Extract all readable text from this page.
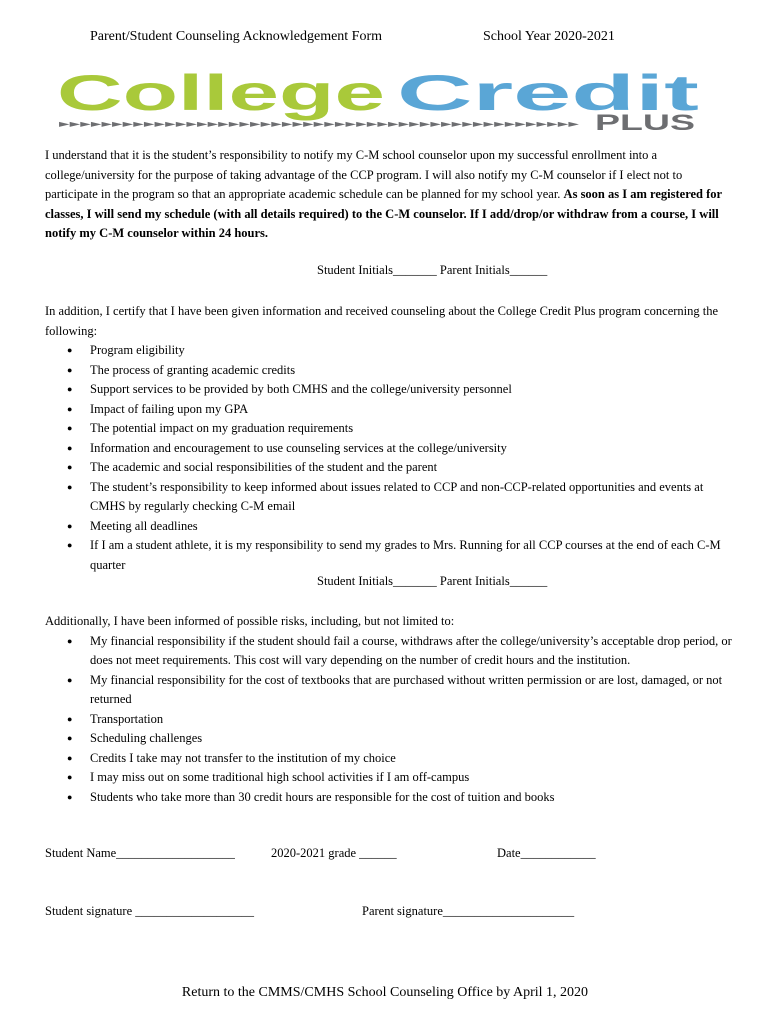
Parent/Student Counseling Acknowledgement Form	School Year 2020-2021
College Credit
▸▸▸▸▸▸▸▸▸▸▸▸▸▸▸▸▸▸▸▸▸▸▸▸▸▸▸▸▸▸▸▸▸▸▸▸▸▸▸▸▸▸▸▸▸▸▸▸▸ PLUS
I understand that it is the student’s responsibility to notify my C-M school counselor upon my successful enrollment into a college/university for the purpose of taking advantage of the CCP program. I will also notify my C-M counselor if I elect not to participate in the program so that an appropriate academic schedule can be planned for my school year. As soon as I am registered for classes, I will send my schedule (with all details required) to the C-M counselor. If I add/drop/or withdraw from a course, I will notify my C-M counselor within 24 hours.
Student Initials_______ Parent Initials______
In addition, I certify that I have been given information and received counseling about the College Credit Plus program concerning the following:
● Program eligibility
● The process of granting academic credits
● Support services to be provided by both CMHS and the college/university personnel
● Impact of failing upon my GPA
● The potential impact on my graduation requirements
● Information and encouragement to use counseling services at the college/university
● The academic and social responsibilities of the student and the parent
● The student’s responsibility to keep informed about issues related to CCP and non-CCP-related opportunities and events at CMHS by regularly checking C-M email
● Meeting all deadlines
● If I am a student athlete, it is my responsibility to send my grades to Mrs. Running for all CCP courses at the end of each C-M quarter
Student Initials_______ Parent Initials______
Additionally, I have been informed of possible risks, including, but not limited to:
● My financial responsibility if the student should fail a course, withdraws after the college/university’s acceptable drop period, or does not meet requirements. This cost will vary depending on the number of credit hours and the institution.
● My financial responsibility for the cost of textbooks that are purchased without written permission or are lost, damaged, or not returned
● Transportation
● Scheduling challenges
● Credits I take may not transfer to the institution of my choice
● I may miss out on some traditional high school activities if I am off-campus
● Students who take more than 30 credit hours are responsible for the cost of tuition and books
Student Name___________________	2020-2021 grade ______	Date____________
Student signature ___________________	Parent signature_____________________
Return to the CMMS/CMHS School Counseling Office by April 1, 2020
